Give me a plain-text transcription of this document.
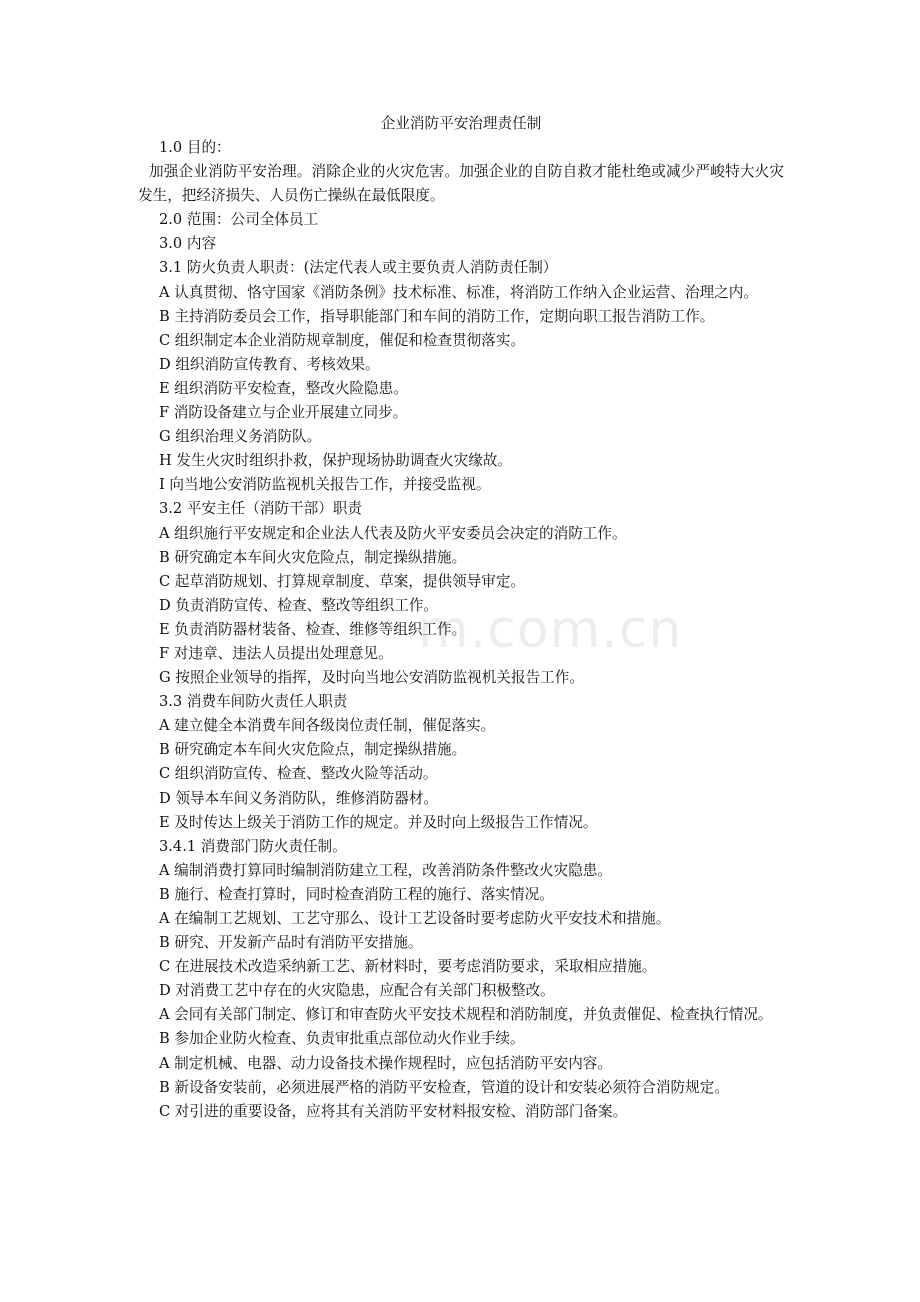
企业消防平安治理责任制
1.0 目的：
加强企业消防平安治理。消除企业的火灾危害。加强企业的自防自救才能杜绝或减少严峻特大火灾发生，把经济损失、人员伤亡操纵在最低限度。
2.0 范围：公司全体员工
3.0 内容
3.1 防火负责人职责：(法定代表人或主要负责人消防责任制）
A 认真贯彻、恪守国家《消防条例》技术标准、标准，将消防工作纳入企业运营、治理之内。
B 主持消防委员会工作，指导职能部门和车间的消防工作，定期向职工报告消防工作。
C 组织制定本企业消防规章制度，催促和检查贯彻落实。
D 组织消防宣传教育、考核效果。
E 组织消防平安检查，整改火险隐患。
F 消防设备建立与企业开展建立同步。
G 组织治理义务消防队。
H 发生火灾时组织扑救，保护现场协助调查火灾缘故。
I 向当地公安消防监视机关报告工作，并接受监视。
3.2 平安主任（消防干部）职责
A 组织施行平安规定和企业法人代表及防火平安委员会决定的消防工作。
B 研究确定本车间火灾危险点，制定操纵措施。
C 起草消防规划、打算规章制度、草案，提供领导审定。
D 负责消防宣传、检查、整改等组织工作。
E 负责消防器材装备、检查、维修等组织工作。
F 对违章、违法人员提出处理意见。
G 按照企业领导的指挥，及时向当地公安消防监视机关报告工作。
3.3 消费车间防火责任人职责
A 建立健全本消费车间各级岗位责任制，催促落实。
B 研究确定本车间火灾危险点，制定操纵措施。
C 组织消防宣传、检查、整改火险等活动。
D 领导本车间义务消防队，维修消防器材。
E 及时传达上级关于消防工作的规定。并及时向上级报告工作情况。
3.4.1 消费部门防火责任制。
A 编制消费打算同时编制消防建立工程，改善消防条件整改火灾隐患。
B 施行、检查打算时，同时检查消防工程的施行、落实情况。
A 在编制工艺规划、工艺守那么、设计工艺设备时要考虑防火平安技术和措施。
B 研究、开发新产品时有消防平安措施。
C 在进展技术改造采纳新工艺、新材料时，要考虑消防要求，采取相应措施。
D 对消费工艺中存在的火灾隐患，应配合有关部门积极整改。
A 会同有关部门制定、修订和审查防火平安技术规程和消防制度，并负责催促、检查执行情况。
B 参加企业防火检查、负责审批重点部位动火作业手续。
A 制定机械、电器、动力设备技术操作规程时，应包括消防平安内容。
B 新设备安装前，必须进展严格的消防平安检查，管道的设计和安装必须符合消防规定。
C 对引进的重要设备，应将其有关消防平安材料报安检、消防部门备案。
m.com.cn
